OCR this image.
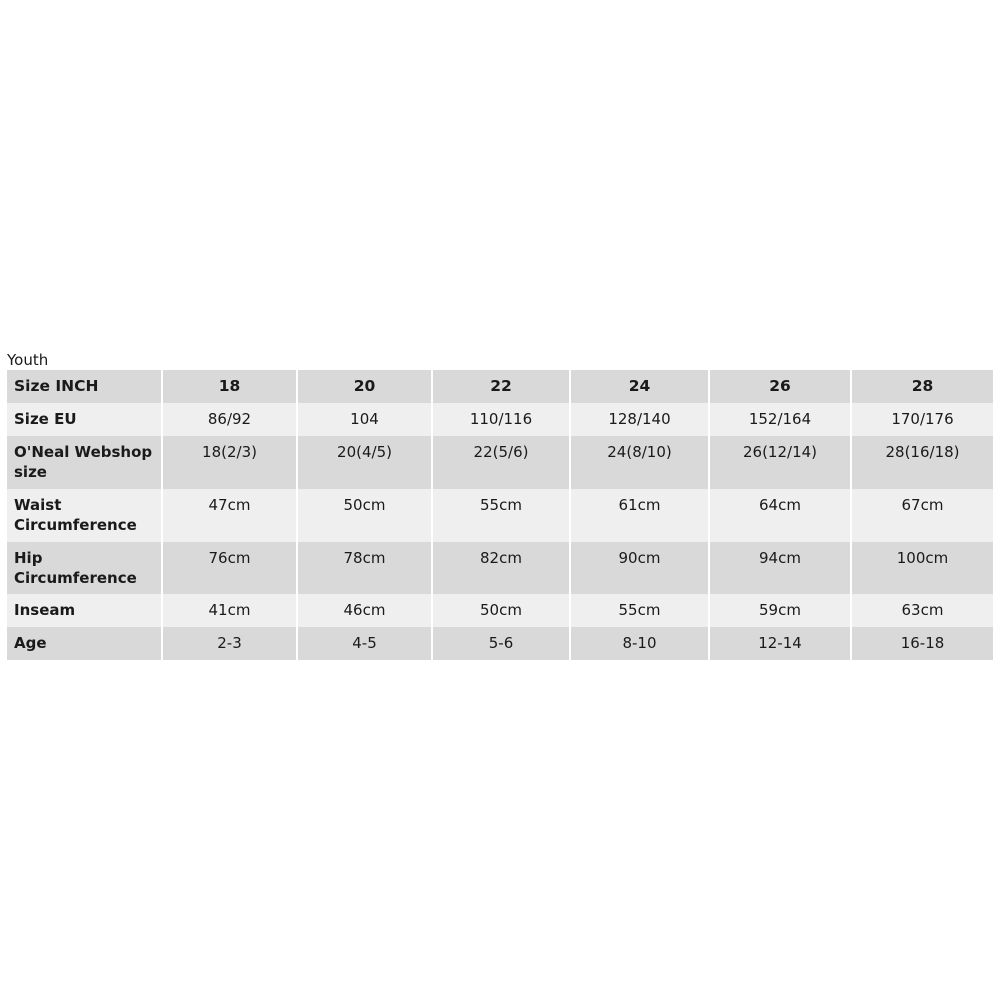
Youth
Size INCH	18	20	22	24	26	28
Size EU	86/92	104	110/116	128/140	152/164	170/176
O'Neal Webshop size	18(2/3)	20(4/5)	22(5/6)	24(8/10)	26(12/14)	28(16/18)
Waist Circumference	47cm	50cm	55cm	61cm	64cm	67cm
Hip Circumference	76cm	78cm	82cm	90cm	94cm	100cm
Inseam	41cm	46cm	50cm	55cm	59cm	63cm
Age	2-3	4-5	5-6	8-10	12-14	16-18
